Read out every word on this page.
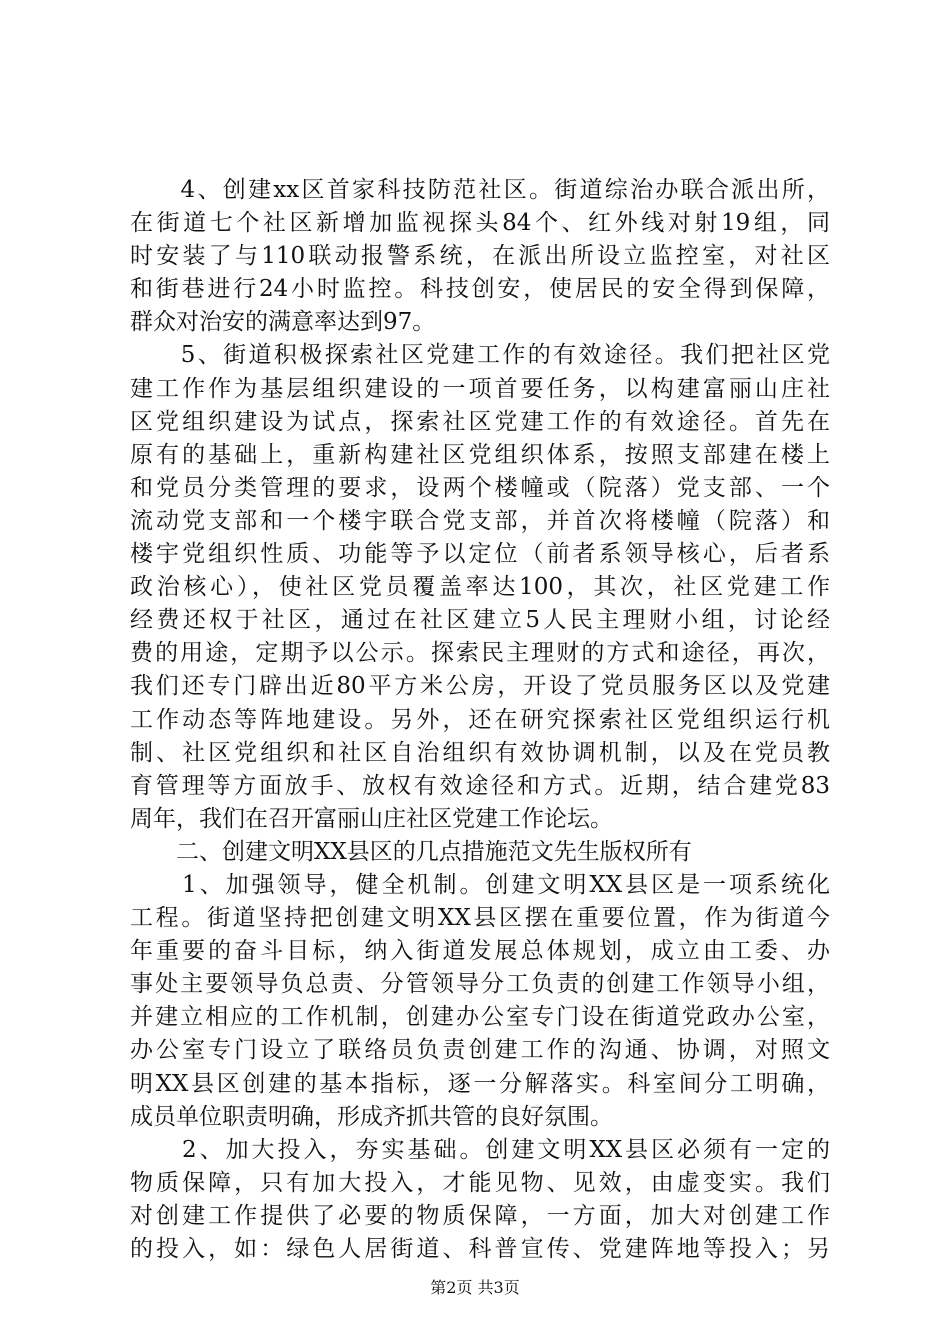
　　4、创建xx区首家科技防范社区。街道综治办联合派出所，
在街道七个社区新增加监视探头84个、红外线对射19组，同
时安装了与110联动报警系统，在派出所设立监控室，对社区
和街巷进行24小时监控。科技创安，使居民的安全得到保障，
群众对治安的满意率达到97。
　　5、街道积极探索社区党建工作的有效途径。我们把社区党
建工作作为基层组织建设的一项首要任务，以构建富丽山庄社
区党组织建设为试点，探索社区党建工作的有效途径。首先在
原有的基础上，重新构建社区党组织体系，按照支部建在楼上
和党员分类管理的要求，设两个楼幢或（院落）党支部、一个
流动党支部和一个楼宇联合党支部，并首次将楼幢（院落）和
楼宇党组织性质、功能等予以定位（前者系领导核心，后者系
政治核心），使社区党员覆盖率达100，其次，社区党建工作
经费还权于社区，通过在社区建立5人民主理财小组，讨论经
费的用途，定期予以公示。探索民主理财的方式和途径，再次，
我们还专门辟出近80平方米公房，开设了党员服务区以及党建
工作动态等阵地建设。另外，还在研究探索社区党组织运行机
制、社区党组织和社区自治组织有效协调机制，以及在党员教
育管理等方面放手、放权有效途径和方式。近期，结合建党83
周年，我们在召开富丽山庄社区党建工作论坛。
　　二、创建文明XX县区的几点措施范文先生版权所有
　　1、加强领导，健全机制。创建文明XX县区是一项系统化
工程。街道坚持把创建文明XX县区摆在重要位置，作为街道今
年重要的奋斗目标，纳入街道发展总体规划，成立由工委、办
事处主要领导负总责、分管领导分工负责的创建工作领导小组，
并建立相应的工作机制，创建办公室专门设在街道党政办公室，
办公室专门设立了联络员负责创建工作的沟通、协调，对照文
明XX县区创建的基本指标，逐一分解落实。科室间分工明确，
成员单位职责明确，形成齐抓共管的良好氛围。
　　2、加大投入，夯实基础。创建文明XX县区必须有一定的
物质保障，只有加大投入，才能见物、见效，由虚变实。我们
对创建工作提供了必要的物质保障，一方面，加大对创建工作
的投入，如：绿色人居街道、科普宣传、党建阵地等投入；另
第2页 共3页
